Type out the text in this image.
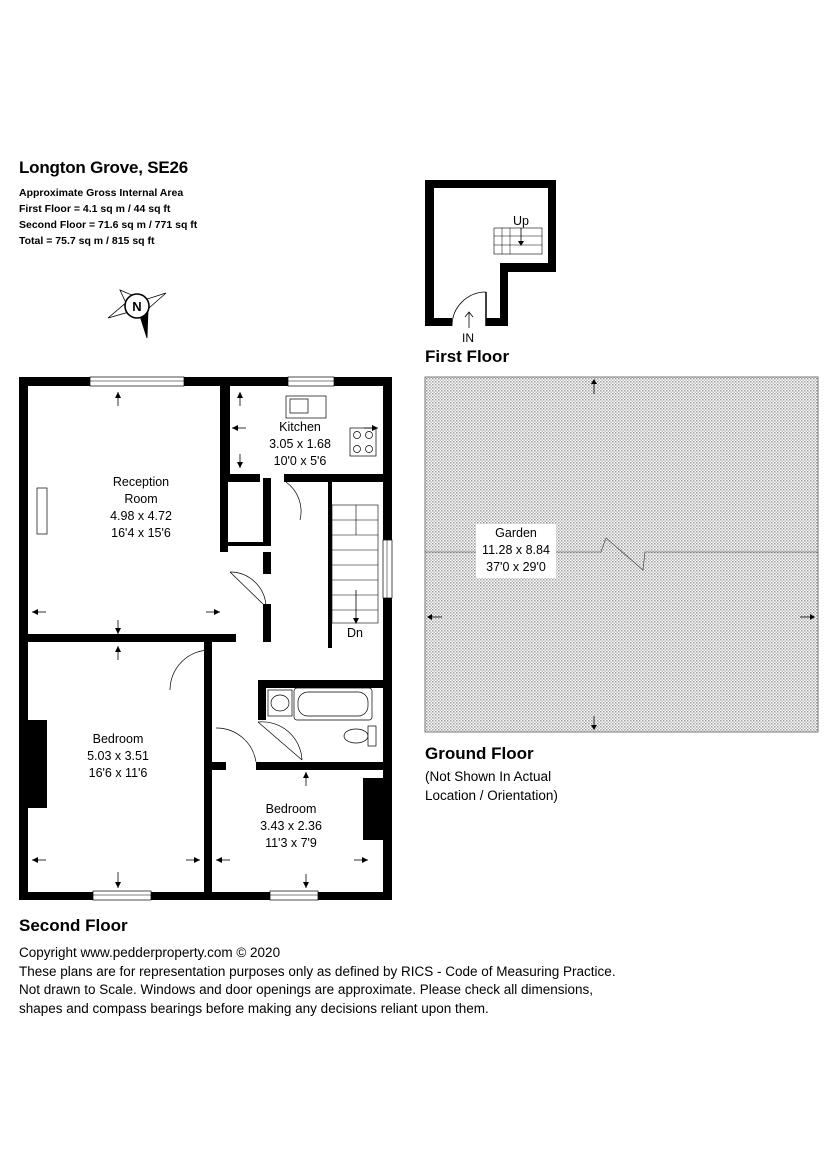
Longton Grove, SE26
Approximate Gross Internal Area
First Floor = 4.1 sq m / 44 sq ft
Second Floor = 71.6 sq m / 771 sq ft
Total = 75.7 sq m / 815 sq ft
N
Up
IN
First Floor
Garden
11.28 x 8.84
37'0 x 29'0
Ground Floor
(Not Shown In Actual
Location / Orientation)
Reception
Room
4.98 x 4.72
16'4 x 15'6
Kitchen
3.05 x 1.68
10'0 x 5'6
Dn
Bedroom
5.03 x 3.51
16'6 x 11'6
Bedroom
3.43 x 2.36
11'3 x 7'9
Second Floor
Copyright www.pedderproperty.com © 2020
These plans are for representation purposes only as defined by RICS - Code of Measuring Practice.
Not drawn to Scale. Windows and door openings are approximate. Please check all dimensions,
shapes and compass bearings before making any decisions reliant upon them.
